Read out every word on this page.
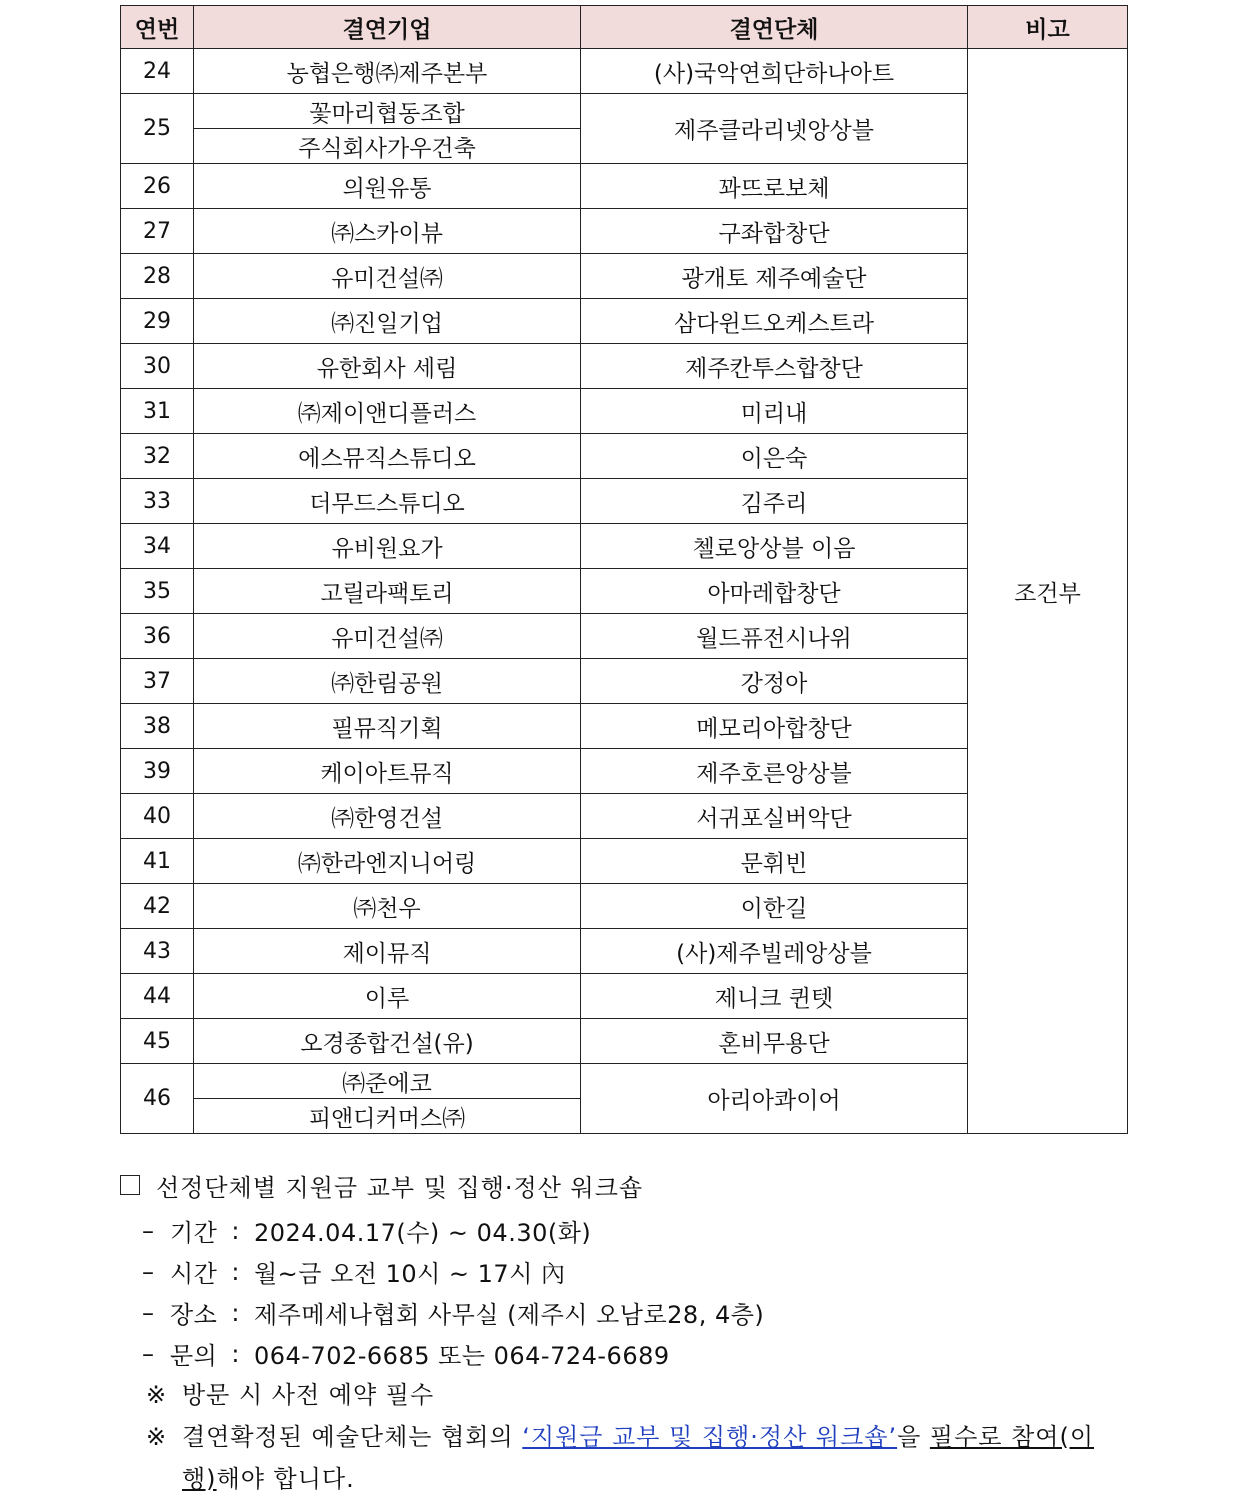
연번	결연기업	결연단체	비고
24	농협은행㈜제주본부	(사)국악연희단하나아트	조건부
25	꽃마리협동조합	제주클라리넷앙상블	
	주식회사가우건축		
26	의원유통	꽈뜨로보체	
27	㈜스카이뷰	구좌합창단	
28	유미건설㈜	광개토 제주예술단	
29	㈜진일기업	삼다윈드오케스트라	
30	유한회사 세림	제주칸투스합창단	
31	㈜제이앤디플러스	미리내	
32	에스뮤직스튜디오	이은숙	
33	더무드스튜디오	김주리	
34	유비원요가	첼로앙상블 이음	
35	고릴라팩토리	아마레합창단	
36	유미건설㈜	월드퓨전시나위	
37	㈜한림공원	강정아	
38	필뮤직기획	메모리아합창단	
39	케이아트뮤직	제주호른앙상블	
40	㈜한영건설	서귀포실버악단	
41	㈜한라엔지니어링	문휘빈	
42	㈜천우	이한길	
43	제이뮤직	(사)제주빌레앙상블	
44	이루	제니크 퀸텟	
45	오경종합건설(유)	혼비무용단	
46	㈜준에코	아리아콰이어	
	피앤디커머스㈜		
선정단체별 지원금 교부 및 집행·정산 워크숍
– 기간 : 2024.04.17(수) ~ 04.30(화)
– 시간 : 월~금 오전 10시 ~ 17시 內
– 장소 : 제주메세나협회 사무실 (제주시 오남로28, 4층)
– 문의 : 064-702-6685 또는 064-724-6689
※ 방문 시 사전 예약 필수
※ 결연확정된 예술단체는 협회의 ‘지원금 교부 및 집행·정산 워크숍’을 필수로 참여(이행)해야 합니다.
